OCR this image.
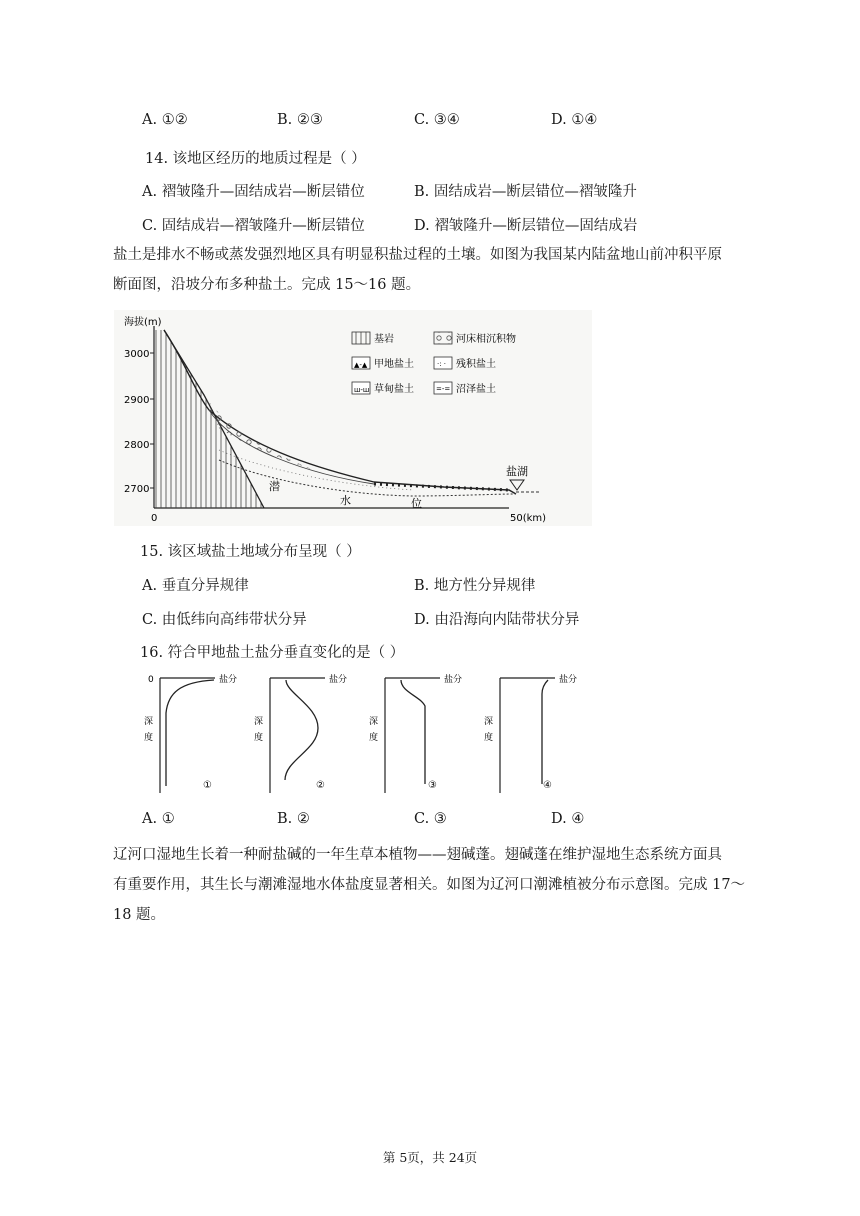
A. ①②	B. ②③	C. ③④	D. ①④
14. 该地区经历的地质过程是（ ）
A. 褶皱隆升—固结成岩—断层错位	B. 固结成岩—断层错位—褶皱隆升
C. 固结成岩—褶皱隆升—断层错位	D. 褶皱隆升—断层错位—固结成岩
盐土是排水不畅或蒸发强烈地区具有明显积盐过程的土壤。如图为我国某内陆盆地山前冲积平原
断面图，沿坡分布多种盐土。完成 15～16 题。
海拔(m)
3000
2900
2800
2700
0	50(km)
潜
水	位
盐湖
基岩	河床相沉积物
▲-▲ 甲地盐土	·: · 残积盐土
ш-ш 草甸盐土	=-= 沼泽盐土
15. 该区域盐土地域分布呈现（ ）
A. 垂直分异规律	B. 地方性分异规律
C. 由低纬向高纬带状分异	D. 由沿海向内陆带状分异
16. 符合甲地盐土盐分垂直变化的是（ ）
0	盐分
深
度
①
盐分
深
度
②
盐分
深
度
③
盐分
深
度
④
A. ①	B. ②	C. ③	D. ④
辽河口湿地生长着一种耐盐碱的一年生草本植物——翅碱蓬。翅碱蓬在维护湿地生态系统方面具
有重要作用，其生长与潮滩湿地水体盐度显著相关。如图为辽河口潮滩植被分布示意图。完成 17～
18 题。
第 5页，共 24页
